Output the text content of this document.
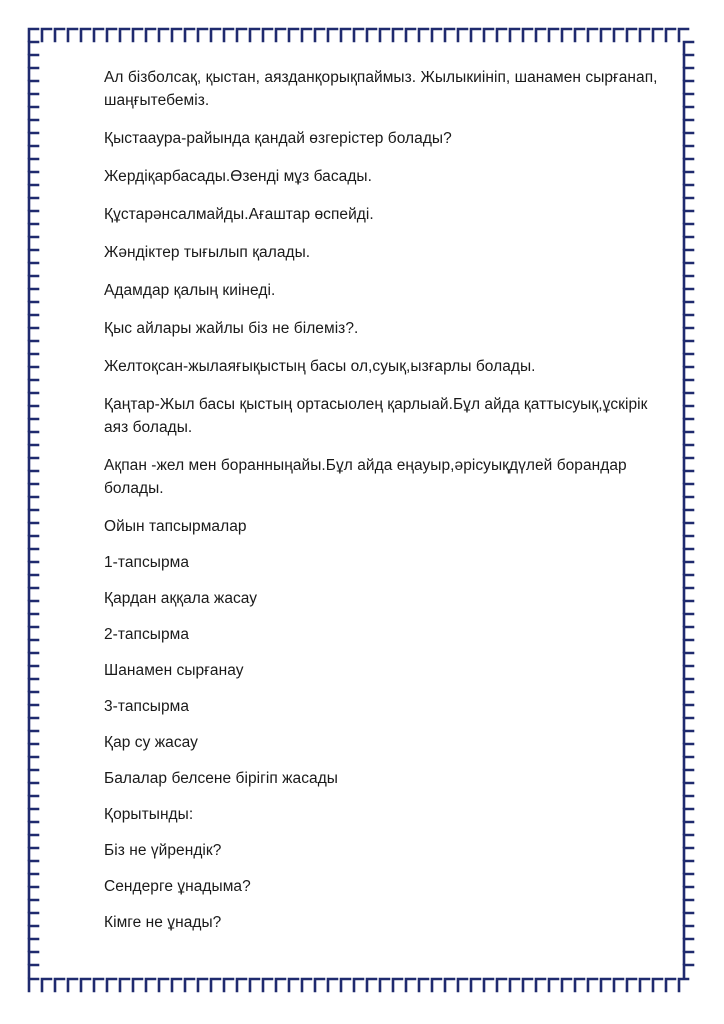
Ал бізболсақ, қыстан, аязданқорықпаймыз. Жылыкиініп, шанамен сырғанап, шаңғытебеміз.

Қыстааура-райында қандай өзгерістер болады?

Жердіқарбасады.Өзенді мұз басады.

Құстарәнсалмайды.Ағаштар өспейді.

Жәндіктер тығылып қалады.

Адамдар қалың киінеді.

Қыс айлары жайлы біз не білеміз?.

Желтоқсан-жылаяғықыстың басы ол,суық,ызғарлы болады.

Қаңтар-Жыл басы қыстың ортасыолең қарлыай.Бұл айда қаттысуық,ұскірік аяз болады.

Ақпан -жел мен боранныңайы.Бұл айда еңауыр,әрісуықдүлей борандар болады.

Ойын тапсырмалар

1-тапсырма

Қардан аққала жасау

2-тапсырма

Шанамен сырғанау

3-тапсырма

Қар су жасау

Балалар белсене бірігіп жасады

Қорытынды:

Біз не үйрендік?

Сендерге ұнадыма?

Кімге не ұнады?
